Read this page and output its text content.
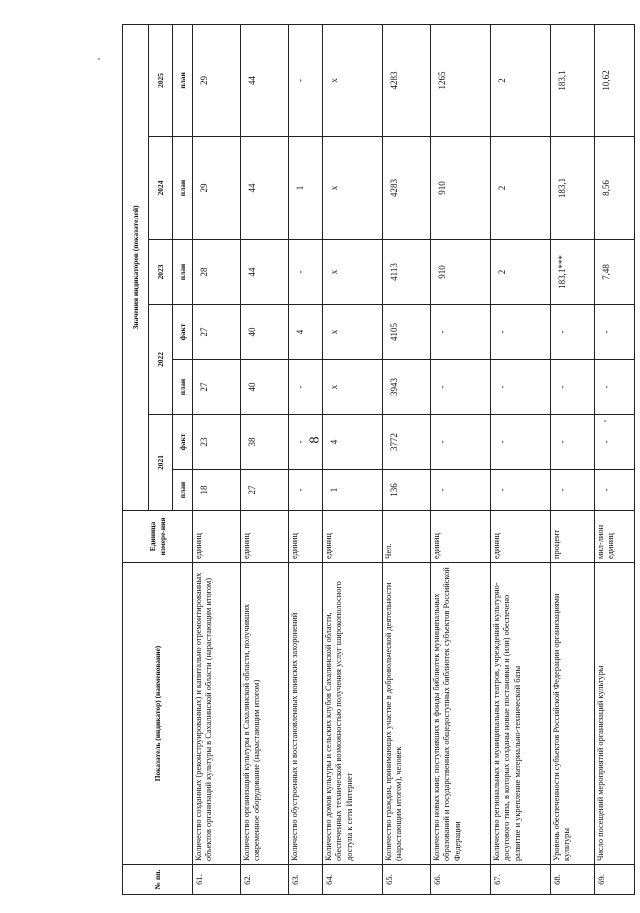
8
№ пп.	Показатель (индикатор) (наименование)	Единица измере-ния	Значения индикаторов (показателей)						
			2021		2022		2023	2024	2025
			план	факт	план	факт	план	план	план
61.	Количество созданных (реконструированных) и капитально отремонтированных объектов организаций культуры в Сахалинской области (нарастающим итогом)	единиц	18	23	27	27	28	29	29
62.	Количество организаций культуры в Сахалинской области, получивших современное оборудование (нарастающим итогом)	единиц	27	38	40	40	44	44	44
63.	Количество обустроенных и восстановленных воинских захоронений	единиц	-	-	-	4	-	1	-
64.	Количество домов культуры и сельских клубов Сахалинской области, обеспеченных технической возможностью получения услуг широкополосного доступа к сети Интернет	единиц	1	4	х	х	х	х	х
65.	Количество граждан, принимающих участие в добровольческой деятельности (нарастающим итогом), человек	Чел.	136	3772	3943	4105	4113	4283	4283
66.	Количество новых книг, поступивших в фонды библиотек муниципальных образований и государственных общедоступных библиотек субъектов Российской Федерации	единиц	-	-	-	-	910	910	1265
67.	Количество региональных и муниципальных театров, учреждений культурно-досугового типа, в которых созданы новые постановки и (или) обеспечено развитие и укрепление материально-технической базы	единиц	-	-	-	-	2	2	2
68.	Уровень обеспеченности субъектов Российской Федерации организациями культуры	процент	-	-	-	-	183,1***	183,1	183,1
69.	Число посещений мероприятий организаций культуры	мил-лион единиц	-	-	-	-	7,48	8,56	10,62
